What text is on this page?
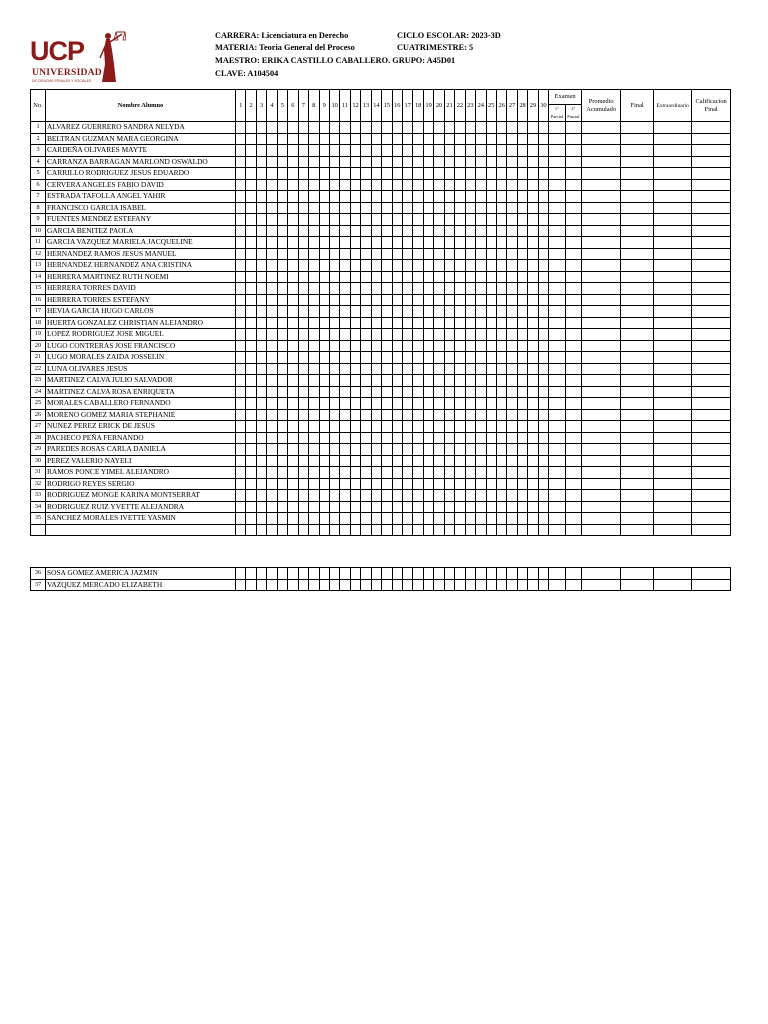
UCP
UNIVERSIDAD
DE CIENCIAS PENALES Y SOCIALES
CARRERA: Licenciatura en Derecho	CICLO ESCOLAR: 2023-3D
MATERIA: Teoria General del Proceso	CUATRIMESTRE: 5
MAESTRO: ERIKA CASTILLO CABALLERO. GRUPO: A45D01
CLAVE: A104504
No.	Nombre Alumno	1	2	3	4	5	6	7	8	9	10	11	12	13	14	15	16	17	18	19	20	21	22	23	24	25	26	27	28	29	30	Examen		Promedio Acumulado	Final	Extraordinario	Calificacion Final
																																1° Parcial	2° Parcial				
1	ALVAREZ GUERRERO SANDRA NELYDA																																				
2	BELTRAN GUZMAN MARA GEORGINA																																				
3	CARDEÑA OLIVARES MAYTE																																				
4	CARRANZA BARRAGAN MARLOND OSWALDO																																				
5	CARRILLO RODRIGUEZ JESUS EDUARDO																																				
6	CERVERA ANGELES FABIO DAVID																																				
7	ESTRADA TAFOLLA ANGEL YAHIR																																				
8	FRANCISCO GARCIA ISABEL																																				
9	FUENTES MENDEZ ESTEFANY																																				
10	GARCIA BENITEZ PAOLA																																				
11	GARCIA VAZQUEZ MARIELA JACQUELINE																																				
12	HERNANDEZ RAMOS JESUS MANUEL																																				
13	HERNANDEZ HERNANDEZ ANA CRISTINA																																				
14	HERRERA MARTINEZ RUTH NOEMI																																				
15	HERRERA TORRES DAVID																																				
16	HERRERA TORRES ESTEFANY																																				
17	HEVIA GARCIA HUGO CARLOS																																				
18	HUERTA GONZALEZ CHRISTIAN ALEJANDRO																																				
19	LOPEZ RODRIGUEZ JOSE MIGUEL																																				
20	LUGO CONTRERAS JOSE FRANCISCO																																				
21	LUGO MORALES ZAIDA JOSSELIN																																				
22	LUNA OLIVARES JESUS																																				
23	MARTINEZ CALVA JULIO SALVADOR																																				
24	MARTINEZ CALVA ROSA ENRIQUETA																																				
25	MORALES CABALLERO FERNANDO																																				
26	MORENO GOMEZ MARIA STEPHANIE																																				
27	NUNEZ PEREZ ERICK DE JESUS																																				
28	PACHECO PEÑA FERNANDO																																				
29	PAREDES ROSAS CARLA DANIELA																																				
30	PEREZ VALERIO NAYELI																																				
31	RAMOS PONCE YIMEL ALEJANDRO																																				
32	RODRIGO REYES SERGIO																																				
33	RODRIGUEZ MONGE KARINA MONTSERRAT																																				
34	RODRIGUEZ RUIZ YVETTE ALEJANDRA																																				
35	SANCHEZ MORALES IVETTE YASMIN																																				

36	SOSA GOMEZ AMERICA JAZMIN																																				
37	VAZQUEZ MERCADO ELIZABETH																																				
